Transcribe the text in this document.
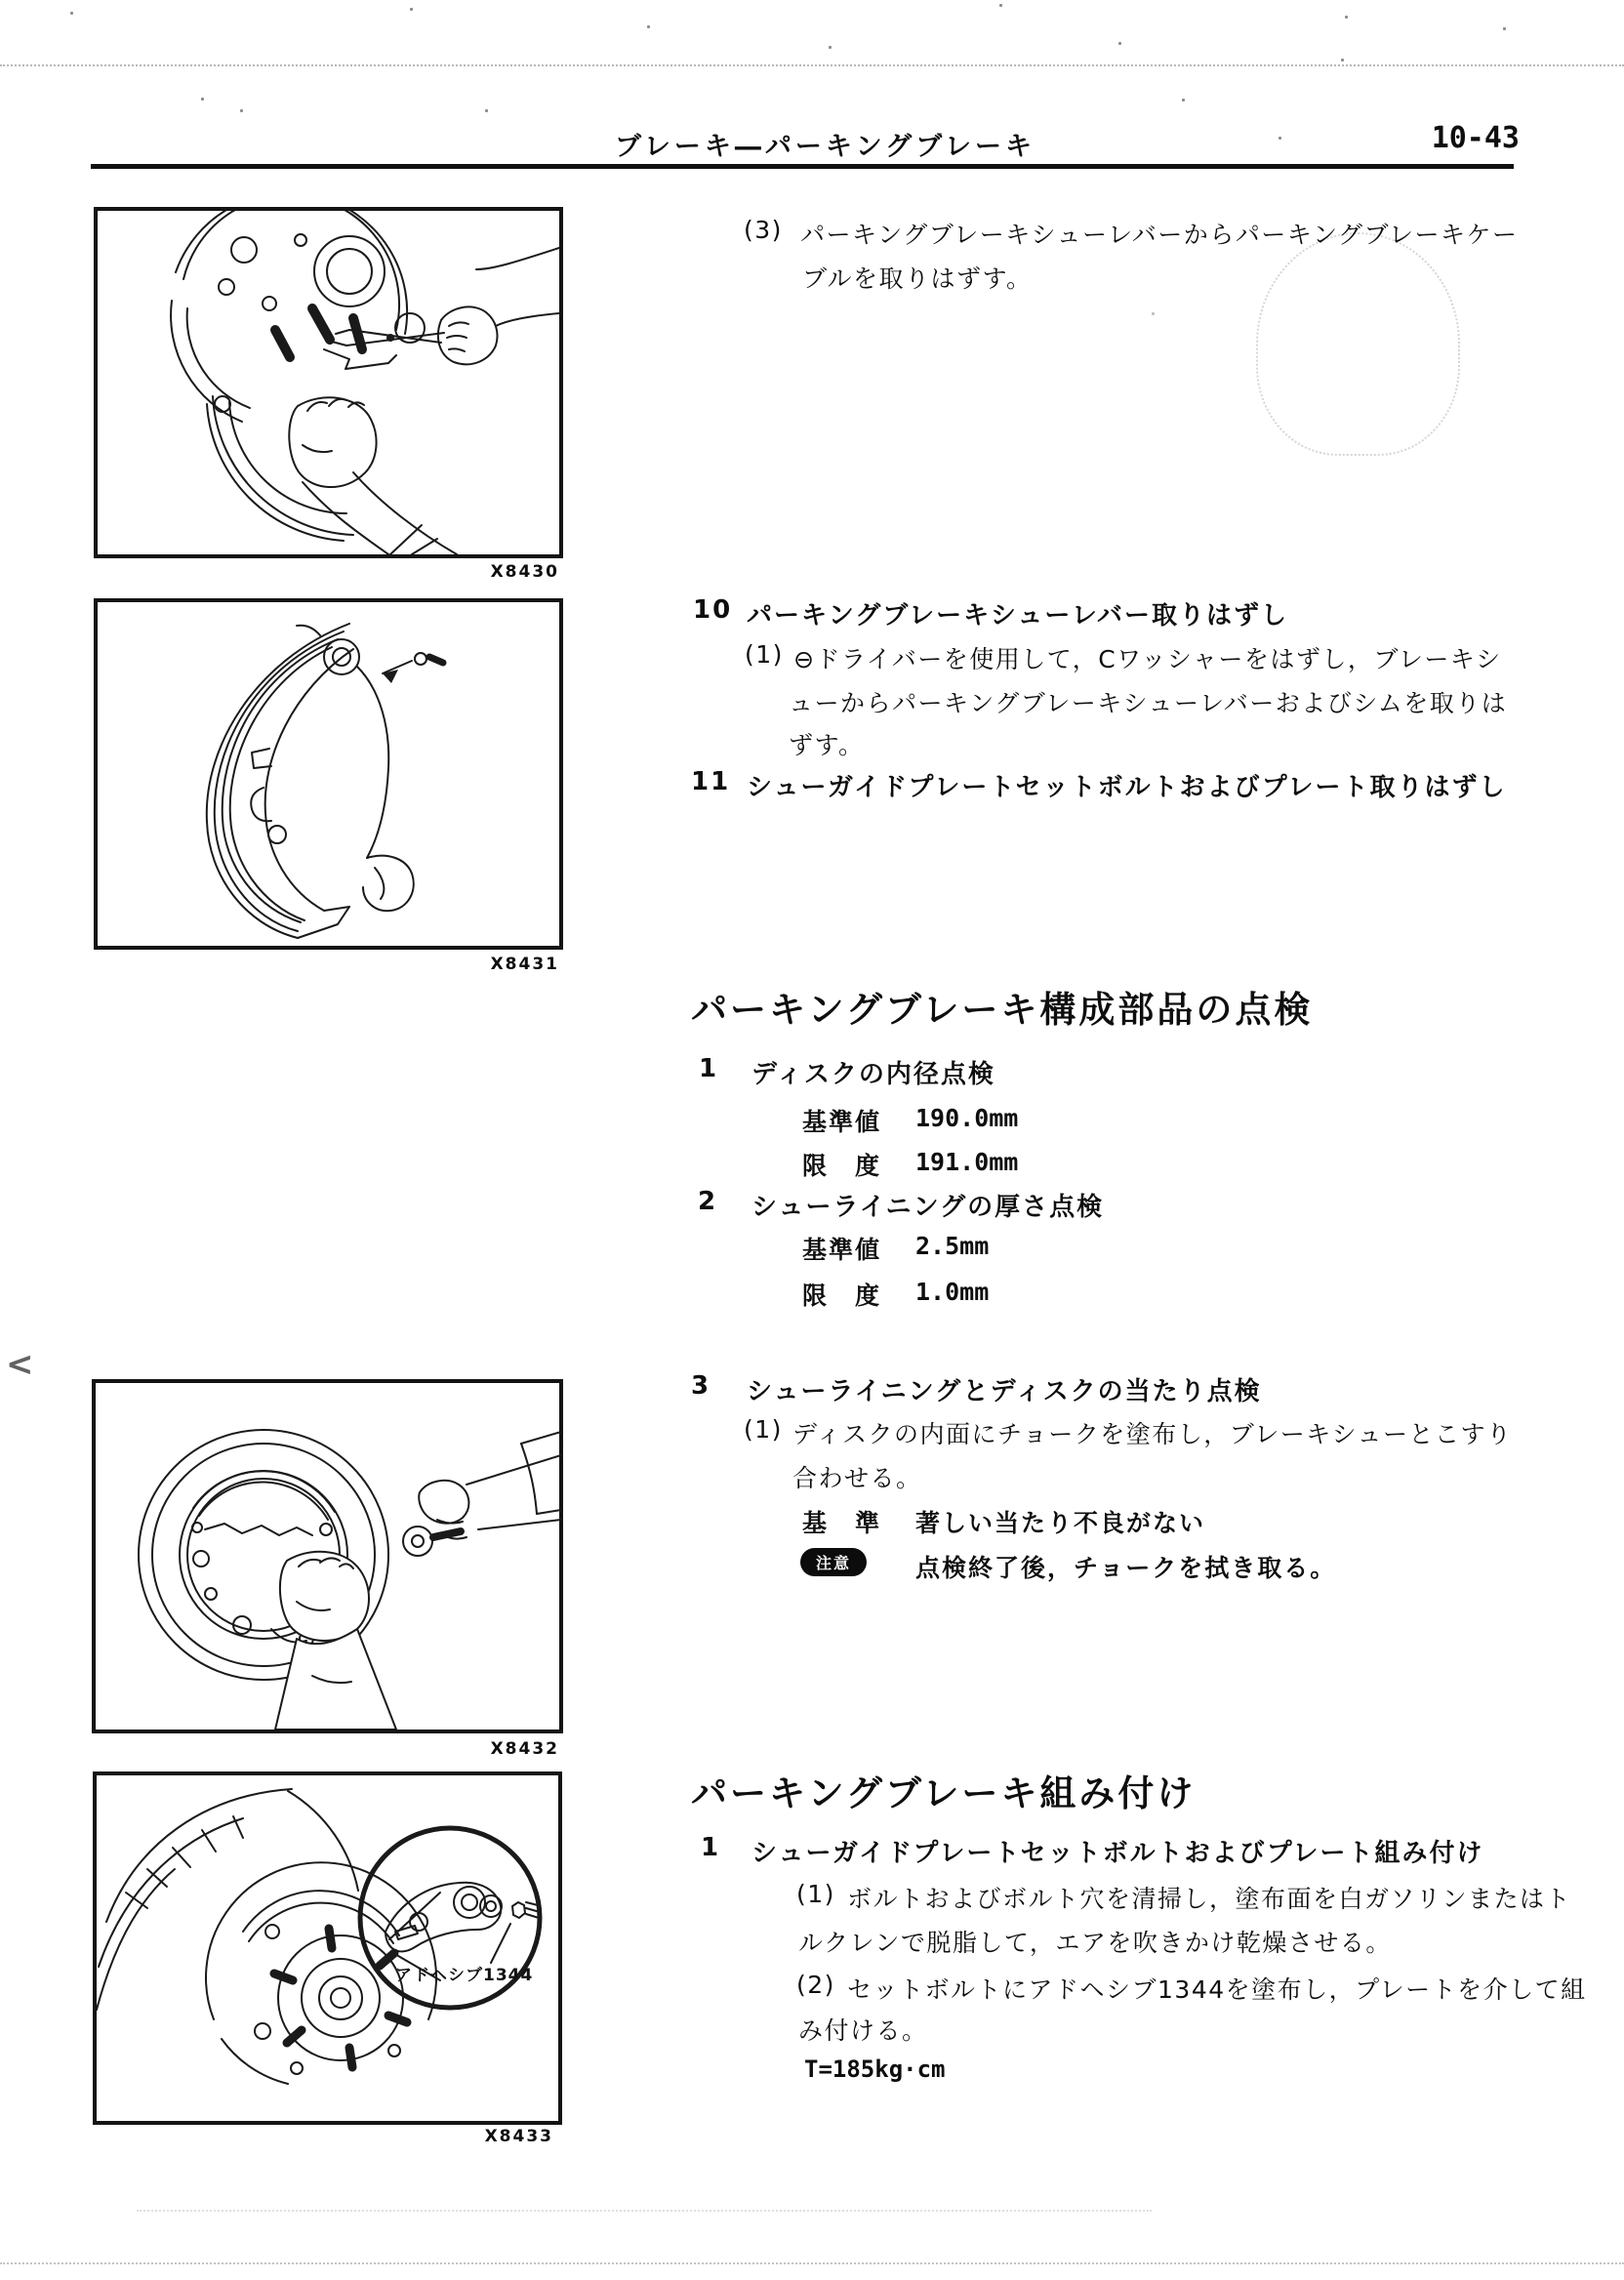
<
ブレーキ―パーキングブレーキ	10-43
X8430
X8431
X8432
アドヘシブ1344
X8433
(3) パーキングブレーキシューレバーからパーキングブレーキケー
ブルを取りはずす。
10 パーキングブレーキシューレバー取りはずし
(1) ⊖ドライバーを使用して，Cワッシャーをはずし，ブレーキシ
ューからパーキングブレーキシューレバーおよびシムを取りは
ずす。
11 シューガイドプレートセットボルトおよびプレート取りはずし
パーキングブレーキ構成部品の点検
1 ディスクの内径点検
基準値 190.0mm
限　度 191.0mm
2 シューライニングの厚さ点検
基準値 2.5mm
限　度 1.0mm
3 シューライニングとディスクの当たり点検
(1) ディスクの内面にチョークを塗布し，ブレーキシューとこすり
合わせる。
基　準 著しい当たり不良がない
注意	点検終了後，チョークを拭き取る。
パーキングブレーキ組み付け
1 シューガイドプレートセットボルトおよびプレート組み付け
(1) ボルトおよびボルト穴を清掃し，塗布面を白ガソリンまたはト
ルクレンで脱脂して，エアを吹きかけ乾燥させる。
(2) セットボルトにアドヘシブ1344を塗布し，プレートを介して組
み付ける。
T=185kg·cm
